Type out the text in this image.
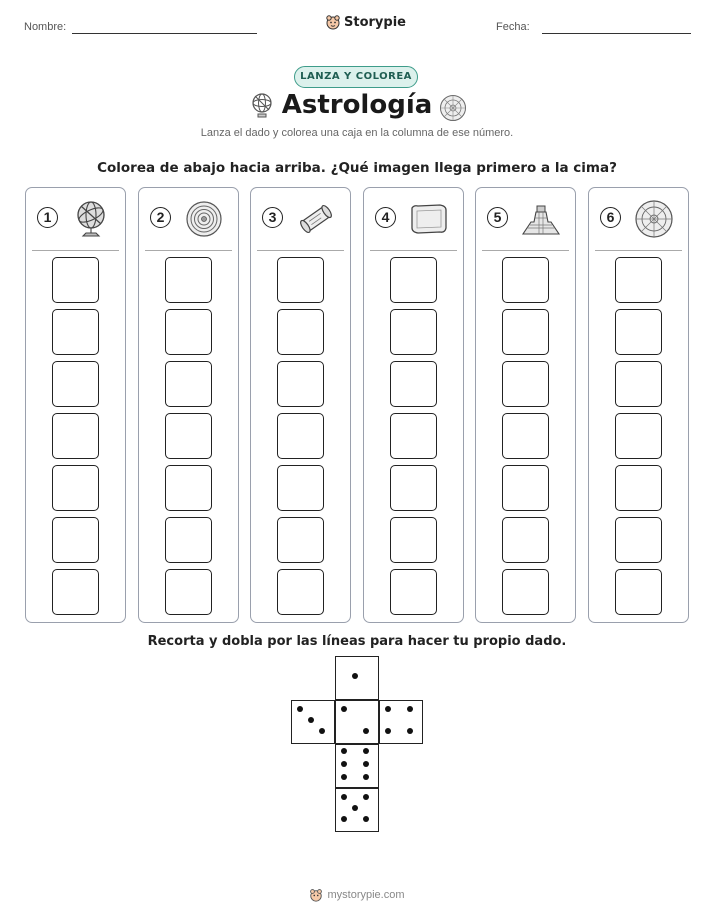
Nombre:	Storypie	Fecha:
LANZA Y COLOREA
Astrología
Lanza el dado y colorea una caja en la columna de ese número.
Colorea de abajo hacia arriba. ¿Qué imagen llega primero a la cima?
1	2	3	4	5	6
Recorta y dobla por las líneas para hacer tu propio dado.
mystorypie.com
